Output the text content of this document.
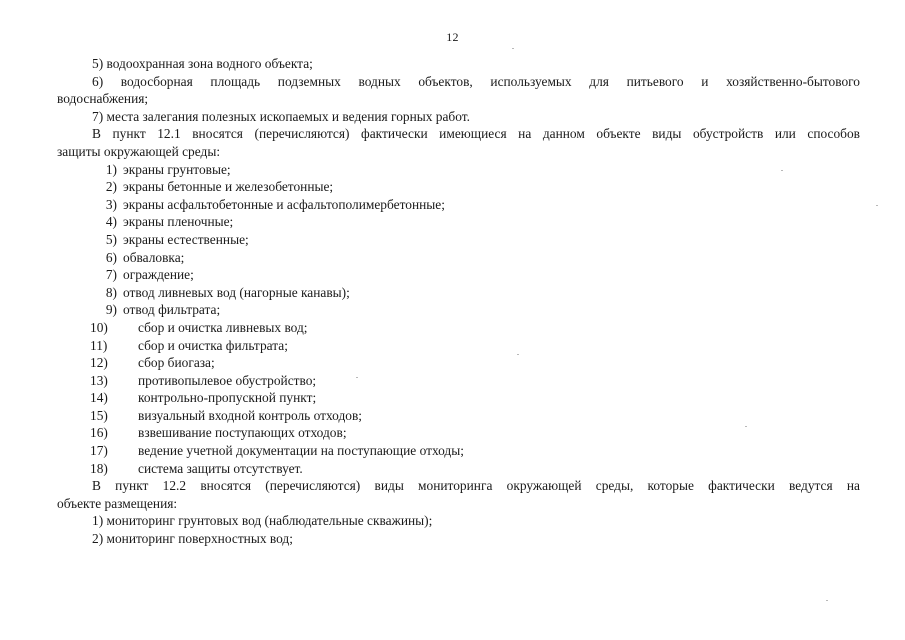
12
5) водоохранная зона водного объекта;
6) водосборная площадь подземных водных объектов, используемых для питьевого и хозяйственно-бытового
водоснабжения;
7) места залегания полезных ископаемых и ведения горных работ.
В пункт 12.1 вносятся (перечисляются) фактически имеющиеся на данном объекте виды обустройств или способов
защиты окружающей среды:
1) экраны грунтовые;
2) экраны бетонные и железобетонные;
3) экраны асфальтобетонные и асфальтополимербетонные;
4) экраны пленочные;
5) экраны естественные;
6) обваловка;
7) ограждение;
8) отвод ливневых вод (нагорные канавы);
9) отвод фильтрата;
10)	сбор и очистка ливневых вод;
11)	сбор и очистка фильтрата;
12)	сбор биогаза;
13)	противопылевое обустройство;
14)	контрольно-пропускной пункт;
15)	визуальный входной контроль отходов;
16)	взвешивание поступающих отходов;
17)	ведение учетной документации на поступающие отходы;
18)	система защиты отсутствует.
В пункт 12.2 вносятся (перечисляются) виды мониторинга окружающей среды, которые фактически ведутся на
объекте размещения:
1) мониторинг грунтовых вод (наблюдательные скважины);
2) мониторинг поверхностных вод;
